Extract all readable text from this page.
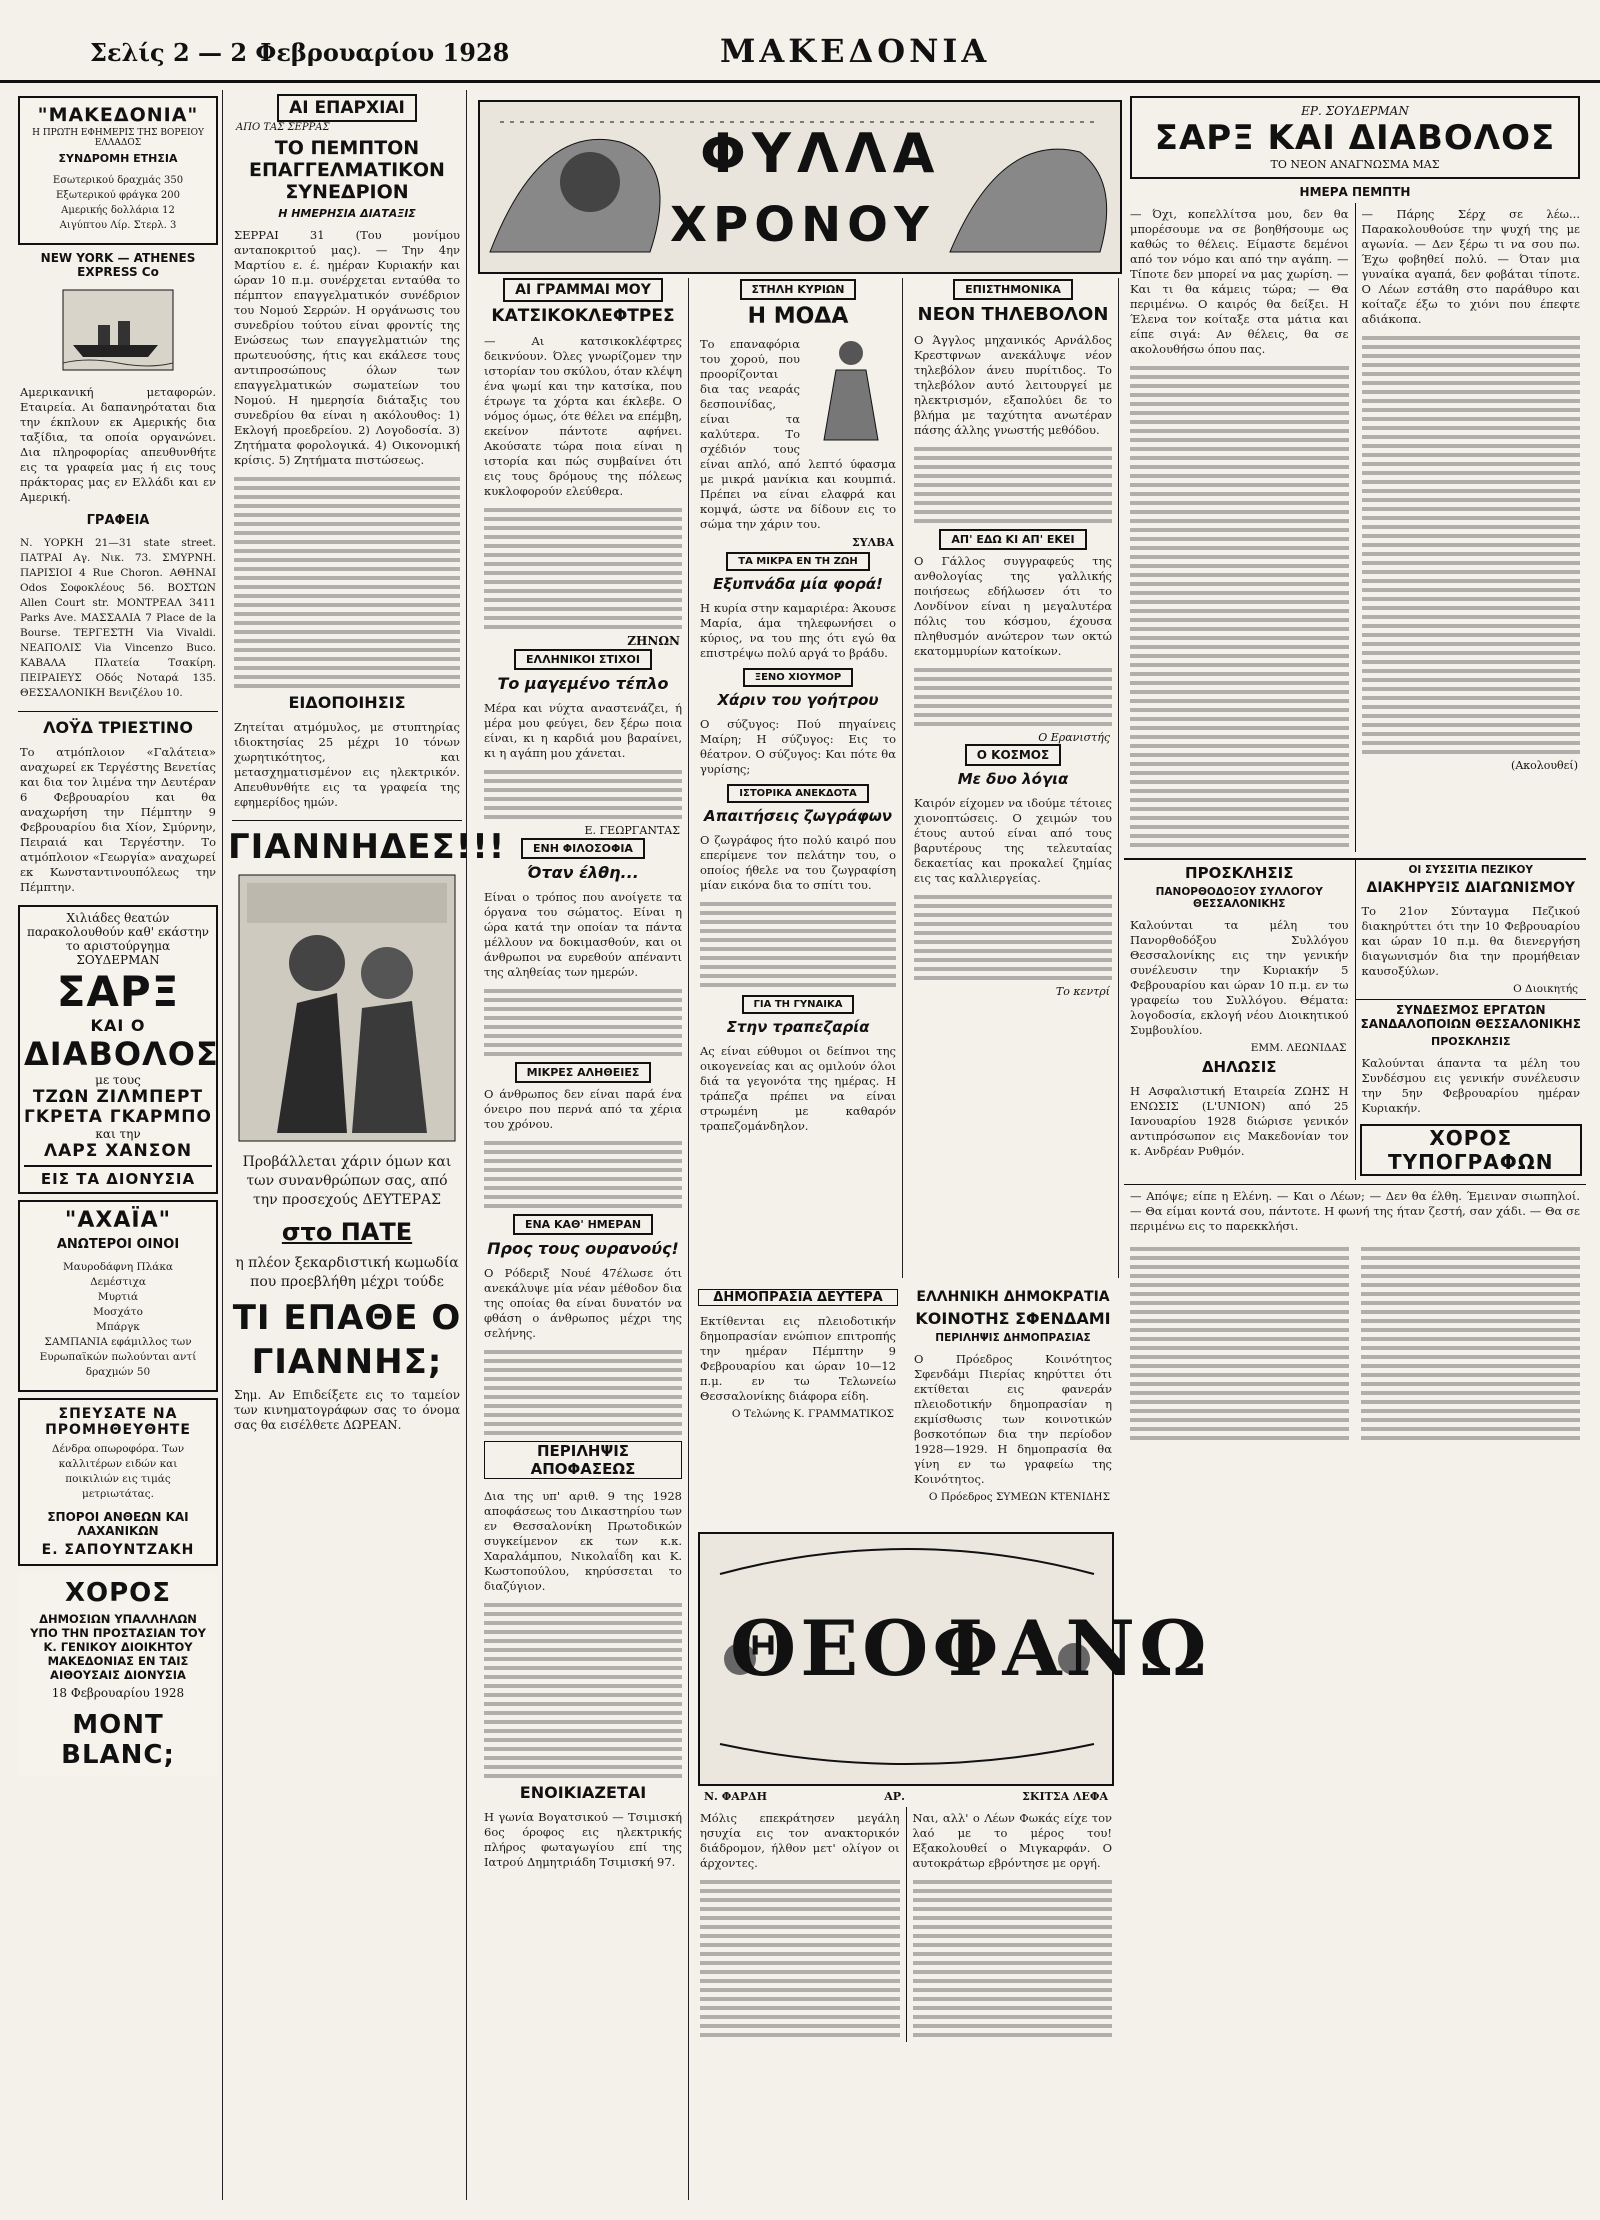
Σελίς 2 — 2 Φεβρουαρίου 1928	ΜΑΚΕΔΟΝΙΑ
"ΜΑΚΕΔΟΝΙΑ"
Η ΠΡΩΤΗ ΕΦΗΜΕΡΙΣ ΤΗΣ ΒΟΡΕΙΟΥ ΕΛΛΑΔΟΣ
ΣΥΝΔΡΟΜΗ ΕΤΗΣΙΑ
Εσωτερικού δραχμάς 350
Εξωτερικού φράγκα 200
Αμερικής δολλάρια 12
Αιγύπτου Λίρ. Στερλ. 3
NEW YORK — ATHENES EXPRESS Co

Αμερικανική μεταφορών. Εταιρεία. Αι δαπανηρόταται δια την έκπλουν εκ Αμερικής δια ταξίδια, τα οποία οργανώνει. Δια πληροφορίας απευθυνθήτε εις τα γραφεία μας ή εις τους πράκτορας μας εν Ελλάδι και εν Αμερική.

ΓΡΑΦΕΙΑ

Ν. ΥΟΡΚΗ 21—31 state street. ΠΑΤΡΑΙ Αγ. Νικ. 73. ΣΜΥΡΝΗ. ΠΑΡΙΣΙΟΙ 4 Rue Choron. ΑΘΗΝΑΙ Odos Σοφοκλέους 56. ΒΟΣΤΩΝ Allen Court str. ΜΟΝΤΡΕΑΛ 3411 Parks Ave. ΜΑΣΣΑΛΙΑ 7 Place de la Bourse. ΤΕΡΓΕΣΤΗ Via Vivaldi. ΝΕΑΠΟΛΙΣ Via Vincenzo Buco. ΚΑΒΑΛΑ Πλατεία Τσακίρη. ΠΕΙΡΑΙΕΥΣ Οδός Νοταρά 135. ΘΕΣΣΑΛΟΝΙΚΗ Βενιζέλου 10.

ΛΟΫΔ ΤΡΙΕΣΤΙΝΟ

Το ατμόπλοιον «Γαλάτεια» αναχωρεί εκ Τεργέστης Βενετίας και δια τον λιμένα την Δευτέραν 6 Φεβρουαρίου και θα αναχωρήση την Πέμπτην 9 Φεβρουαρίου δια Χίον, Σμύρνην, Πειραιά και Τεργέστην. Το ατμόπλοιον «Γεωργία» αναχωρεί εκ Κωνσταντινουπόλεως την Πέμπτην.

Χιλιάδες θεατών παρακολουθούν καθ' εκάστην το αριστούργημα ΣΟΥΔΕΡΜΑΝ
ΣΑΡΞ
ΚΑΙ Ο
ΔΙΑΒΟΛΟΣ
με τους
ΤΖΩΝ ΖΙΛΜΠΕΡΤ
ΓΚΡΕΤΑ ΓΚΑΡΜΠΟ
και την
ΛΑΡΣ ΧΑΝΣΟΝ
ΕΙΣ ΤΑ ΔΙΟΝΥΣΙΑ
"ΑΧΑΪΑ"
ΑΝΩΤΕΡΟΙ ΟΙΝΟΙ
Μαυροδάφνη Πλάκα
Δεμέστιχα
Μυρτιά
Μοσχάτο
Μπάργκ
ΣΑΜΠΑΝΙΑ εφάμιλλος των Ευρωπαϊκών πωλούνται αντί δραχμών 50
ΣΠΕΥΣΑΤΕ ΝΑ ΠΡΟΜΗΘΕΥΘΗΤΕ
Δένδρα οπωροφόρα. Των καλλιτέρων ειδών και ποικιλιών εις τιμάς μετριωτάτας.
ΣΠΟΡΟΙ ΑΝΘΕΩΝ ΚΑΙ ΛΑΧΑΝΙΚΩΝ
Ε. ΣΑΠΟΥΝΤΖΑΚΗ
ΧΟΡΟΣ
ΔΗΜΟΣΙΩΝ ΥΠΑΛΛΗΛΩΝ ΥΠΟ ΤΗΝ ΠΡΟΣΤΑΣΙΑΝ ΤΟΥ Κ. ΓΕΝΙΚΟΥ ΔΙΟΙΚΗΤΟΥ ΜΑΚΕΔΟΝΙΑΣ ΕΝ ΤΑΙΣ ΑΙΘΟΥΣΑΙΣ ΔΙΟΝΥΣΙΑ
18 Φεβρουαρίου 1928
MONT BLANC;
ΑΙ ΕΠΑΡΧΙΑΙ
ΑΠΟ ΤΑΣ ΣΕΡΡΑΣ
ΤΟ ΠΕΜΠΤΟΝ ΕΠΑΓΓΕΛΜΑΤΙΚΟΝ ΣΥΝΕΔΡΙΟΝ
Η ΗΜΕΡΗΣΙΑ ΔΙΑΤΑΞΙΣ

ΣΕΡΡΑΙ 31 (Του μονίμου ανταποκριτού μας). — Την 4ην Μαρτίου ε. έ. ημέραν Κυριακήν και ώραν 10 π.μ. συνέρχεται ενταύθα το πέμπτον επαγγελματικόν συνέδριον του Νομού Σερρών. Η οργάνωσις του συνεδρίου τούτου είναι φροντίς της Ενώσεως των επαγγελματιών της πρωτευούσης, ήτις και εκάλεσε τους αντιπροσώπους όλων των επαγγελματικών σωματείων του Νομού. Η ημερησία διάταξις του συνεδρίου θα είναι η ακόλουθος: 1) Εκλογή προεδρείου. 2) Λογοδοσία. 3) Ζητήματα φορολογικά. 4) Οικονομική κρίσις. 5) Ζητήματα πιστώσεως.

ΕΙΔΟΠΟΙΗΣΙΣ

Ζητείται ατμόμυλος, με στυπτηρίας ιδιοκτησίας 25 μέχρι 10 τόνων χωρητικότητος, και μετασχηματισμένον εις ηλεκτρικόν. Απευθυνθήτε εις τα γραφεία της εφημερίδος ημών.

ΓΙΑΝΝΗΔΕΣ!!!

Προβάλλεται χάριν όμων και των συνανθρώπων σας, από την προσεχούς ΔΕΥΤΕΡΑΣ

στο ΠΑΤΕ

η πλέον ξεκαρδιστική κωμωδία που προεβλήθη μέχρι τούδε

ΤΙ ΕΠΑΘΕ Ο ΓΙΑΝΝΗΣ;

Σημ. Αν Επιδείξετε εις το ταμείον των κινηματογράφων σας το όνομα σας θα εισέλθετε ΔΩΡΕΑΝ.

ΦΥΛΛΑ
ΧΡΟΝΟΥ
ΑΙ ΓΡΑΜΜΑΙ ΜΟΥ
ΚΑΤΣΙΚΟΚΛΕΦΤΡΕΣ

— Αι κατσικοκλέφτρες δεικνύουν. Όλες γνωρίζομεν την ιστορίαν του σκύλου, όταν κλέψη ένα ψωμί και την κατσίκα, που έτρωγε τα χόρτα και έκλεβε. Ο νόμος όμως, ότε θέλει να επέμβη, εκείνον πάντοτε αφήνει. Ακούσατε τώρα ποια είναι η ιστορία και πώς συμβαίνει ότι εις τους δρόμους της πόλεως κυκλοφορούν ελεύθερα.

ΖΗΝΩΝ
ΕΛΛΗΝΙΚΟΙ ΣΤΙΧΟΙ
Το μαγεμένο τέπλο

Μέρα και νύχτα αναστενάζει, ή μέρα μου φεύγει, δεν ξέρω ποια είναι, κι η καρδιά μου βαραίνει, κι η αγάπη μου χάνεται.

Ε. ΓΕΩΡΓΑΝΤΑΣ
ΕΝΗ ΦΙΛΟΣΟΦΙΑ
Όταν έλθη...

Είναι ο τρόπος που ανοίγετε τα όργανα του σώματος. Είναι η ώρα κατά την οποίαν τα πάντα μέλλουν να δοκιμασθούν, και οι άνθρωποι να ευρεθούν απέναντι της αληθείας των ημερών.

ΜΙΚΡΕΣ ΑΛΗΘΕΙΕΣ

Ο άνθρωπος δεν είναι παρά ένα όνειρο που περνά από τα χέρια του χρόνου.

ΕΝΑ ΚΑΘ' ΗΜΕΡΑΝ
Προς τους ουρανούς!

Ο Ρόδεριξ Νουέ 47έλωσε ότι ανεκάλυψε μία νέαν μέθοδον δια της οποίας θα είναι δυνατόν να φθάση ο άνθρωπος μέχρι της σελήνης.

ΠΕΡΙΛΗΨΙΣ ΑΠΟΦΑΣΕΩΣ

Δια της υπ' αριθ. 9 της 1928 αποφάσεως του Δικαστηρίου των εν Θεσσαλονίκη Πρωτοδικών συγκείμενον εκ των κ.κ. Χαραλάμπου, Νικολαΐδη και Κ. Κωστοπούλου, κηρύσσεται το διαζύγιον.

ΕΝΟΙΚΙΑΖΕΤΑΙ

Η γωνία Βογατσικού — Τσιμισκή 6ος όροφος εις ηλεκτρικής πλήρος φωταγωγίου επί της Ιατρού Δημητριάδη Τσιμισκή 97.

ΣΤΗΛΗ ΚΥΡΙΩΝ
Η ΜΟΔΑ

Το επαναφόρια του χορού, που προορίζονται δια τας νεαράς δεσποινίδας, είναι τα καλύτερα. Το σχέδιόν τους είναι απλό, από λεπτό ύφασμα με μικρά μανίκια και κουμπιά. Πρέπει να είναι ελαφρά και κομψά, ώστε να δίδουν εις το σώμα την χάριν του.

ΣΥΛΒΑ
ΤΑ ΜΙΚΡΑ ΕΝ ΤΗ ΖΩΗ
Εξυπνάδα μία φορά!

Η κυρία στην καμαριέρα: Άκουσε Μαρία, άμα τηλεφωνήσει ο κύριος, να του πης ότι εγώ θα επιστρέψω πολύ αργά το βράδυ.

ΞΕΝΟ ΧΙΟΥΜΟΡ
Χάριν του γοήτρου

Ο σύζυγος: Πού πηγαίνεις Μαίρη; Η σύζυγος: Εις το θέατρον. Ο σύζυγος: Και πότε θα γυρίσης;

ΙΣΤΟΡΙΚΑ ΑΝΕΚΔΟΤΑ
Απαιτήσεις ζωγράφων

Ο ζωγράφος ήτο πολύ καιρό που επερίμενε τον πελάτην του, ο οποίος ήθελε να του ζωγραφίση μίαν εικόνα δια το σπίτι του.

ΓΙΑ ΤΗ ΓΥΝΑΙΚΑ
Στην τραπεζαρία

Ας είναι εύθυμοι οι δείπνοι της οικογενείας και ας ομιλούν όλοι διά τα γεγονότα της ημέρας. Η τράπεζα πρέπει να είναι στρωμένη με καθαρόν τραπεζομάνδηλον.

ΕΠΙΣΤΗΜΟΝΙΚΑ
ΝΕΟΝ ΤΗΛΕΒΟΛΟΝ

Ο Άγγλος μηχανικός Αρνάλδος Κρεστφνων ανεκάλυψε νέον τηλεβόλον άνευ πυρίτιδος. Το τηλεβόλον αυτό λειτουργεί με ηλεκτρισμόν, εξαπολύει δε το βλήμα με ταχύτητα ανωτέραν πάσης άλλης γνωστής μεθόδου.

ΑΠ' ΕΔΩ ΚΙ ΑΠ' ΕΚΕΙ

Ο Γάλλος συγγραφεύς της ανθολογίας της γαλλικής ποιήσεως εδήλωσεν ότι το Λονδίνον είναι η μεγαλυτέρα πόλις του κόσμου, έχουσα πληθυσμόν ανώτερον των οκτώ εκατομμυρίων κατοίκων.

Ο Ερανιστής
Ο ΚΟΣΜΟΣ
Με δυο λόγια

Καιρόν είχομεν να ιδούμε τέτοιες χιονοπτώσεις. Ο χειμών του έτους αυτού είναι από τους βαρυτέρους της τελευταίας δεκαετίας και προκαλεί ζημίας εις τας καλλιεργείας.

Το κεντρί
ΔΗΜΟΠΡΑΣΙΑ ΔΕΥΤΕΡΑ

Εκτίθενται εις πλειοδοτικήν δημοπρασίαν ενώπιον επιτροπής την ημέραν Πέμπτην 9 Φεβρουαρίου και ώραν 10—12 π.μ. εν τω Τελωνείω Θεσσαλονίκης διάφορα είδη.

Ο Τελώνης Κ. ΓΡΑΜΜΑΤΙΚΟΣ
ΕΛΛΗΝΙΚΗ ΔΗΜΟΚΡΑΤΙΑ
ΚΟΙΝΟΤΗΣ ΣΦΕΝΔΑΜΙ
ΠΕΡΙΛΗΨΙΣ ΔΗΜΟΠΡΑΣΙΑΣ

Ο Πρόεδρος Κοινότητος Σφενδάμι Πιερίας κηρύττει ότι εκτίθεται εις φανεράν πλειοδοτικήν δημοπρασίαν η εκμίσθωσις των κοινοτικών βοσκοτόπων δια την περίοδον 1928—1929. Η δημοπρασία θα γίνη εν τω γραφείω της Κοινότητος.

Ο Πρόεδρος ΣΥΜΕΩΝ ΚΤΕΝΙΔΗΣ
ΘΕΟΦΑΝΩ
Ν. ΦΑΡΔΗ	ΑΡ.	ΣΚΙΤΣΑ ΛΕΦΑ

Μόλις επεκράτησεν μεγάλη ησυχία εις τον ανακτορικόν διάδρομον, ήλθον μετ' ολίγον οι άρχοντες.

Ναι, αλλ' ο Λέων Φωκάς είχε τον λαό με το μέρος του! Εξακολουθεί ο Μιγκαρφάν. Ο αυτοκράτωρ εβρόντησε με οργή.

ΕΡ. ΣΟΥΔΕΡΜΑΝ
ΣΑΡΞ ΚΑΙ ΔΙΑΒΟΛΟΣ
ΤΟ ΝΕΟΝ ΑΝΑΓΝΩΣΜΑ ΜΑΣ
ΗΜΕΡΑ ΠΕΜΠΤΗ

— Όχι, κοπελλίτσα μου, δεν θα μπορέσουμε να σε βοηθήσουμε ως καθώς το θέλεις. Είμαστε δεμένοι από τον νόμο και από την αγάπη. — Τίποτε δεν μπορεί να μας χωρίση. — Και τι θα κάμεις τώρα; — Θα περιμένω. Ο καιρός θα δείξει. Η Έλενα τον κοίταξε στα μάτια και είπε σιγά: Αν θέλεις, θα σε ακολουθήσω όπου πας.

— Πάρης Σέρχ σε λέω... Παρακολουθούσε την ψυχή της με αγωνία. — Δεν ξέρω τι να σου πω. Έχω φοβηθεί πολύ. — Όταν μια γυναίκα αγαπά, δεν φοβάται τίποτε. Ο Λέων εστάθη στο παράθυρο και κοίταζε έξω το χιόνι που έπεφτε αδιάκοπα.

(Ακολουθεί)
ΠΡΟΣΚΛΗΣΙΣ
ΠΑΝΟΡΘΟΔΟΞΟΥ ΣΥΛΛΟΓΟΥ ΘΕΣΣΑΛΟΝΙΚΗΣ

Καλούνται τα μέλη του Πανορθοδόξου Συλλόγου Θεσσαλονίκης εις την γενικήν συνέλευσιν την Κυριακήν 5 Φεβρουαρίου και ώραν 10 π.μ. εν τω γραφείω του Συλλόγου. Θέματα: λογοδοσία, εκλογή νέου Διοικητικού Συμβουλίου.

ΕΜΜ. ΛΕΩΝΙΔΑΣ
ΔΗΛΩΣΙΣ

Η Ασφαλιστική Εταιρεία ΖΩΗΣ Η ΕΝΩΣΙΣ (L'UNION) από 25 Ιανουαρίου 1928 διώρισε γενικόν αντιπρόσωπον εις Μακεδονίαν τον κ. Ανδρέαν Ρυθμόν.

ΟΙ ΣΥΣΣΙΤΙΑ ΠΕΖΙΚΟΥ
ΔΙΑΚΗΡΥΞΙΣ ΔΙΑΓΩΝΙΣΜΟΥ

Το 21ον Σύνταγμα Πεζικού διακηρύττει ότι την 10 Φεβρουαρίου και ώραν 10 π.μ. θα διενεργήση διαγωνισμόν δια την προμήθειαν καυσοξύλων.

Ο Διοικητής
ΣΥΝΔΕΣΜΟΣ ΕΡΓΑΤΩΝ ΣΑΝΔΑΛΟΠΟΙΩΝ ΘΕΣΣΑΛΟΝΙΚΗΣ
ΠΡΟΣΚΛΗΣΙΣ

Καλούνται άπαντα τα μέλη του Συνδέσμου εις γενικήν συνέλευσιν την 5ην Φεβρουαρίου ημέραν Κυριακήν.

ΧΟΡΟΣ ΤΥΠΟΓΡΑΦΩΝ

— Απόψε; είπε η Ελένη. — Και ο Λέων; — Δεν θα έλθη. Έμειναν σιωπηλοί. — Θα είμαι κοντά σου, πάντοτε. Η φωνή της ήταν ζεστή, σαν χάδι. — Θα σε περιμένω εις το παρεκκλήσι.
